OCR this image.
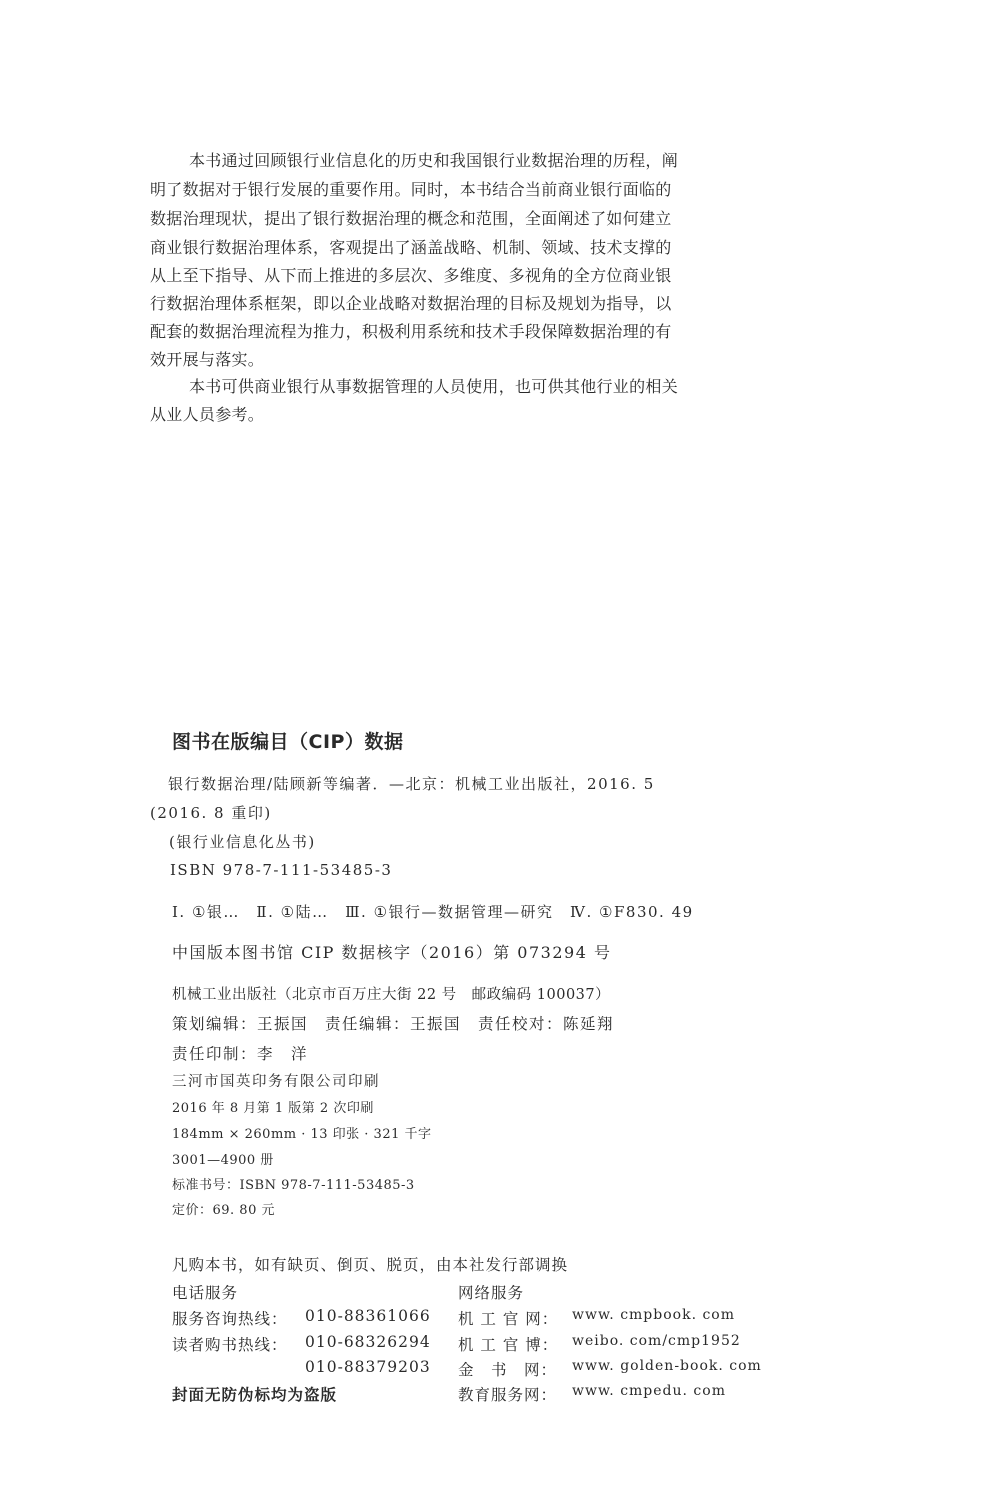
本书通过回顾银行业信息化的历史和我国银行业数据治理的历程，阐
明了数据对于银行发展的重要作用。同时，本书结合当前商业银行面临的
数据治理现状，提出了银行数据治理的概念和范围，全面阐述了如何建立
商业银行数据治理体系，客观提出了涵盖战略、机制、领域、技术支撑的
从上至下指导、从下而上推进的多层次、多维度、多视角的全方位商业银
行数据治理体系框架，即以企业战略对数据治理的目标及规划为指导，以
配套的数据治理流程为推力，积极利用系统和技术手段保障数据治理的有
效开展与落实。
本书可供商业银行从事数据管理的人员使用，也可供其他行业的相关
从业人员参考。
图书在版编目（CIP）数据
银行数据治理/陆顾新等编著．—北京：机械工业出版社，2016. 5
(2016. 8 重印)
(银行业信息化丛书)
ISBN 978-7-111-53485-3
Ⅰ. ①银…　Ⅱ. ①陆…　Ⅲ. ①银行—数据管理—研究　Ⅳ. ①F830. 49
中国版本图书馆 CIP 数据核字（2016）第 073294 号
机械工业出版社（北京市百万庄大街 22 号　邮政编码 100037）
策划编辑：王振国　责任编辑：王振国　责任校对：陈延翔
责任印制：李　洋
三河市国英印务有限公司印刷
2016 年 8 月第 1 版第 2 次印刷
184mm × 260mm · 13 印张 · 321 千字
3001—4900 册
标准书号：ISBN 978-7-111-53485-3
定价：69. 80 元
凡购本书，如有缺页、倒页、脱页，由本社发行部调换
电话服务	网络服务
服务咨询热线： 010-88361066
读者购书热线： 010-68326294
010-88379203
机 工 官 网： www. cmpbook. com
机 工 官 博： weibo. com/cmp1952
金　书　网： www. golden-book. com
教育服务网： www. cmpedu. com
封面无防伪标均为盗版
